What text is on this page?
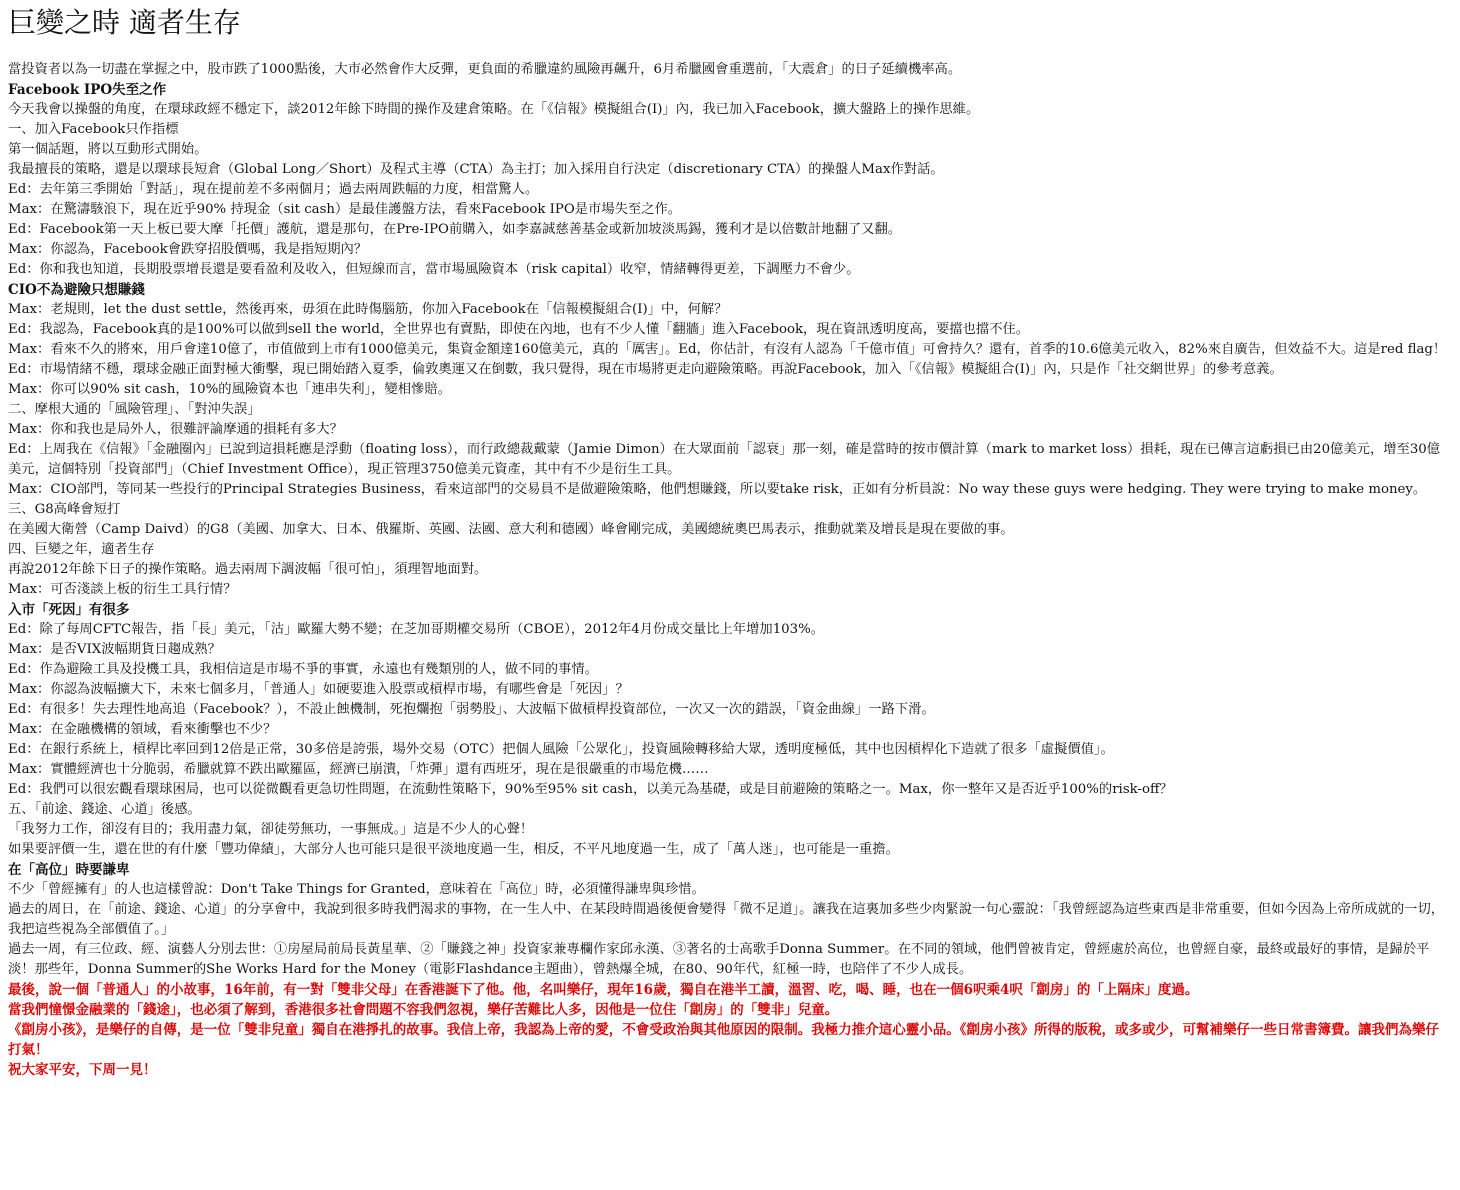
巨變之時 適者生存

當投資者以為一切盡在掌握之中，股市跌了1000點後，大市必然會作大反彈，更負面的希臘違約風險再飆升，6月希臘國會重選前，「大震倉」的日子延續機率高。

Facebook IPO失至之作

今天我會以操盤的角度，在環球政經不穩定下，談2012年餘下時間的操作及建倉策略。在「《信報》模擬組合(I)」內，我已加入Facebook，擴大盤路上的操作思維。

一、加入Facebook只作指標

第一個話題，將以互動形式開始。

我最擅長的策略，還是以環球長短倉（Global Long／Short）及程式主導（CTA）為主打；加入採用自行決定（discretionary CTA）的操盤人Max作對話。

Ed：去年第三季開始「對話」，現在提前差不多兩個月；過去兩周跌幅的力度，相當驚人。

Max：在驚濤駭浪下，現在近乎90% 持現金（sit cash）是最佳護盤方法，看來Facebook IPO是市場失至之作。

Ed：Facebook第一天上板已要大摩「托價」護航，還是那句，在Pre-IPO前購入，如李嘉誠慈善基金或新加坡淡馬錫，獲利才是以倍數計地翻了又翻。

Max：你認為，Facebook會跌穿招股價嗎，我是指短期內？

Ed：你和我也知道，長期股票增長還是要看盈利及收入，但短線而言，當市場風險資本（risk capital）收窄，情緒轉得更差，下調壓力不會少。

CIO不為避險只想賺錢

Max：老規則，let the dust settle，然後再來，毋須在此時傷腦筋，你加入Facebook在「信報模擬組合(I)」中，何解？

Ed：我認為，Facebook真的是100%可以做到sell the world，全世界也有賣點，即使在內地，也有不少人懂「翻牆」進入Facebook，現在資訊透明度高，要擋也擋不住。

Max：看來不久的將來，用戶會達10億了，市值做到上市有1000億美元，集資金額達160億美元，真的「厲害」。Ed，你估計，有沒有人認為「千億市值」可會持久？還有，首季的10.6億美元收入，82%來自廣告，但效益不大。這是red flag！

Ed：市場情緒不穩，環球金融正面對極大衝擊，現已開始踏入夏季，倫敦奧運又在倒數，我只覺得，現在市場將更走向避險策略。再說Facebook，加入「《信報》模擬組合(I)」內，只是作「社交網世界」的參考意義。

Max：你可以90% sit cash，10%的風險資本也「連串失利」，變相慘賠。

二、摩根大通的「風險管理」、「對沖失誤」

Max：你和我也是局外人，很難評論摩通的損耗有多大？

Ed：上周我在《信報》「金融圈內」已說到這損耗應是浮動（floating loss），而行政總裁戴蒙（Jamie Dimon）在大眾面前「認衰」那一刻，確是當時的按市價計算（mark to market loss）損耗，現在已傳言這虧損已由20億美元，增至30億美元，這個特別「投資部門」（Chief Investment Office），現正管理3750億美元資產，其中有不少是衍生工具。

Max：CIO部門，等同某一些投行的Principal Strategies Business，看來這部門的交易員不是做避險策略，他們想賺錢，所以要take risk，正如有分析員說：No way these guys were hedging. They were trying to make money。

三、G8高峰會短打

在美國大衛營（Camp Daivd）的G8（美國、加拿大、日本、俄羅斯、英國、法國、意大利和德國）峰會剛完成，美國總統奧巴馬表示，推動就業及增長是現在要做的事。

四、巨變之年，適者生存

再說2012年餘下日子的操作策略。過去兩周下調波幅「很可怕」，須理智地面對。

Max：可否淺談上板的衍生工具行情？

入市「死因」有很多

Ed：除了每周CFTC報告，指「長」美元，「沽」歐羅大勢不變；在芝加哥期權交易所（CBOE），2012年4月份成交量比上年增加103%。

Max：是否VIX波幅期貨日趨成熟？

Ed：作為避險工具及投機工具，我相信這是市場不爭的事實，永遠也有幾類別的人，做不同的事情。

Max：你認為波幅擴大下，未來七個多月，「普通人」如硬要進入股票或槓桿市場，有哪些會是「死因」？

Ed：有很多！失去理性地高追（Facebook？），不設止蝕機制，死抱爛抱「弱勢股」、大波幅下做槓桿投資部位，一次又一次的錯誤，「資金曲線」一路下滑。

Max：在金融機構的領域，看來衝擊也不少？

Ed：在銀行系統上，槓桿比率回到12倍是正常，30多倍是誇張，場外交易（OTC）把個人風險「公眾化」，投資風險轉移給大眾，透明度極低，其中也因槓桿化下造就了很多「虛擬價值」。

Max：實體經濟也十分脆弱，希臘就算不跌出歐羅區，經濟已崩潰，「炸彈」還有西班牙，現在是很嚴重的市場危機……

Ed：我們可以很宏觀看環球困局，也可以從微觀看更急切性問題，在流動性策略下，90%至95% sit cash，以美元為基礎，或是目前避險的策略之一。Max，你一整年又是否近乎100%的risk-off？

五、「前途、錢途、心道」後感。

「我努力工作，卻沒有目的；我用盡力氣，卻徒勞無功，一事無成。」這是不少人的心聲！

如果要評價一生，還在世的有什麼「豐功偉績」，大部分人也可能只是很平淡地度過一生，相反，不平凡地度過一生，成了「萬人迷」，也可能是一重擔。

在「高位」時要謙卑

不少「曾經擁有」的人也這樣曾說：Don't Take Things for Granted，意味着在「高位」時，必須懂得謙卑與珍惜。

過去的周日，在「前途、錢途、心道」的分享會中，我說到很多時我們渴求的事物，在一生人中、在某段時間過後便會變得「微不足道」。讓我在這裏加多些少肉緊說一句心靈說：「我曾經認為這些東西是非常重要，但如今因為上帝所成就的一切，我把這些視為全部價值了。」

過去一周，有三位政、經、演藝人分別去世：①房屋局前局長黃星華、②「賺錢之神」投資家兼專欄作家邱永漢、③著名的士高歌手Donna Summer。在不同的領域，他們曾被肯定，曾經處於高位，也曾經自豪，最終或最好的事情，是歸於平淡！那些年，Donna Summer的She Works Hard for the Money（電影Flashdance主題曲），曾熱爆全城，在80、90年代，紅極一時，也陪伴了不少人成長。

最後，說一個「普通人」的小故事，16年前，有一對「雙非父母」在香港誕下了他。他，名叫樂仔，現年16歲，獨自在港半工讀，溫習、吃，喝、睡，也在一個6呎乘4呎「劏房」的「上隔床」度過。

當我們憧憬金融業的「錢途」，也必須了解到，香港很多社會問題不容我們忽視，樂仔苦難比人多，因他是一位住「劏房」的「雙非」兒童。

《劏房小孩》，是樂仔的自傳，是一位「雙非兒童」獨自在港掙扎的故事。我信上帝，我認為上帝的愛，不會受政治與其他原因的限制。我極力推介這心靈小品。《劏房小孩》所得的版稅，或多或少，可幫補樂仔一些日常書簿費。讓我們為樂仔打氣！

祝大家平安，下周一見！
